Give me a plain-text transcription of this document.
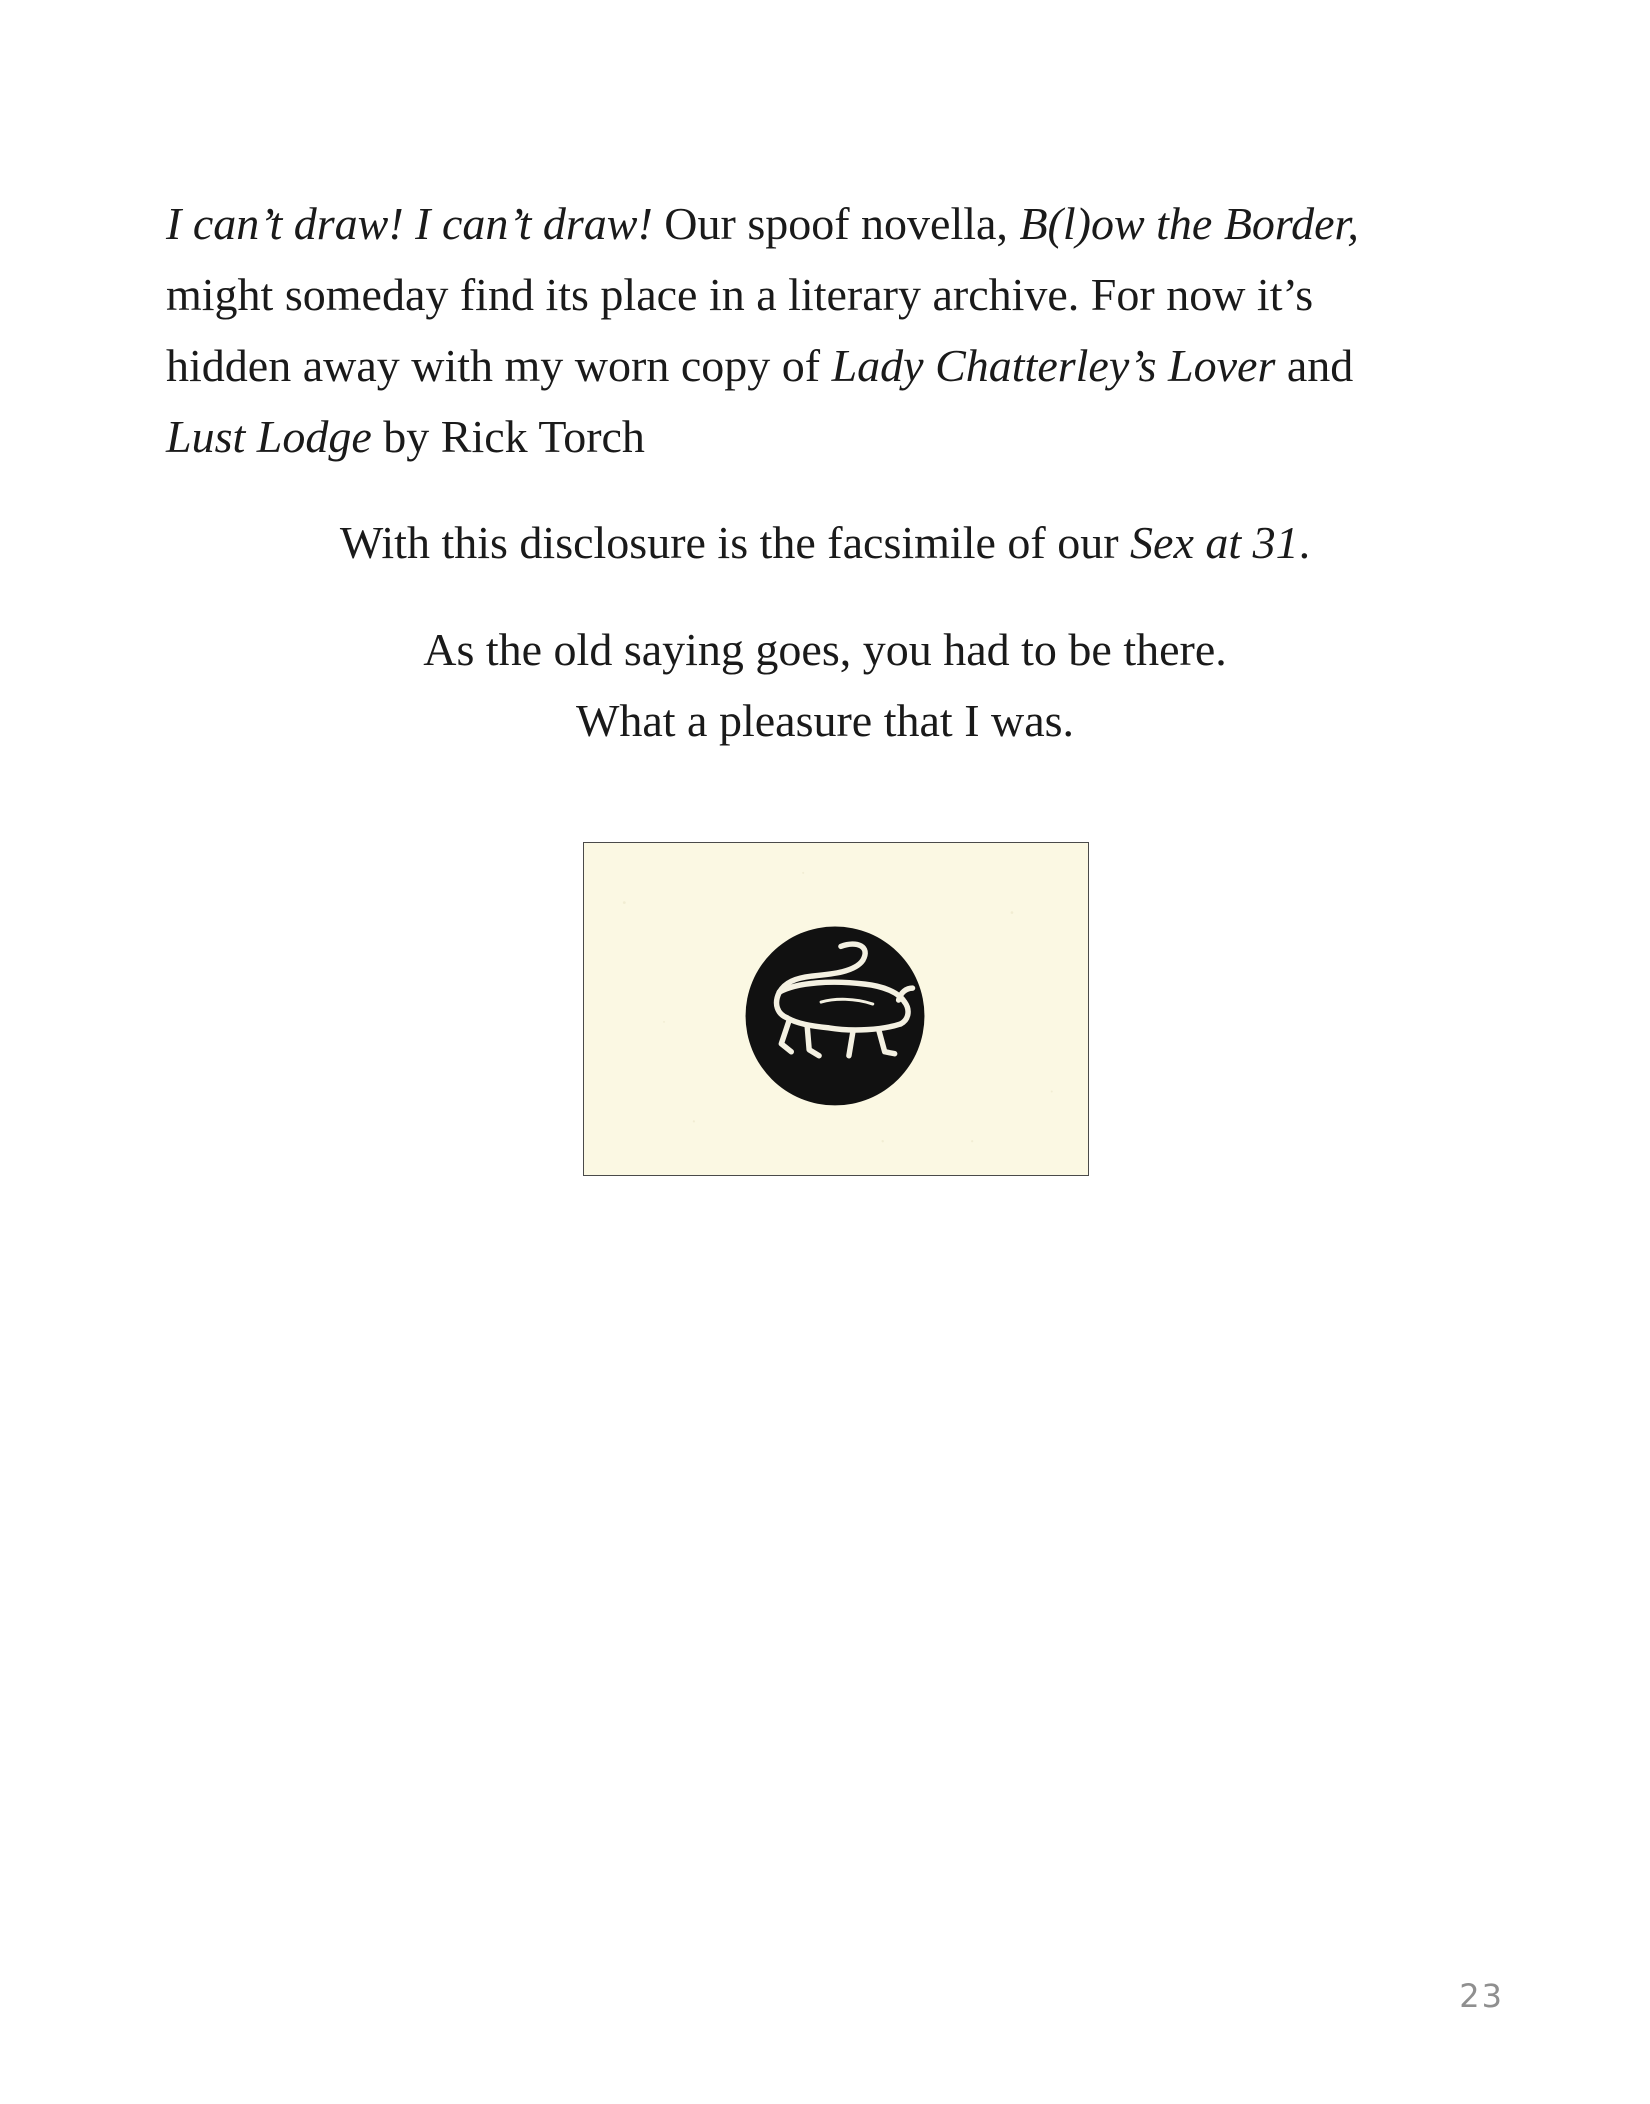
I can’t draw! I can’t draw! Our spoof novella, B(l)ow the Border,
might someday find its place in a literary archive. For now it’s
hidden away with my worn copy of Lady Chatterley’s Lover and
Lust Lodge by Rick Torch

With this disclosure is the facsimile of our Sex at 31.

As the old saying goes, you had to be there.

What a pleasure that I was.

23
